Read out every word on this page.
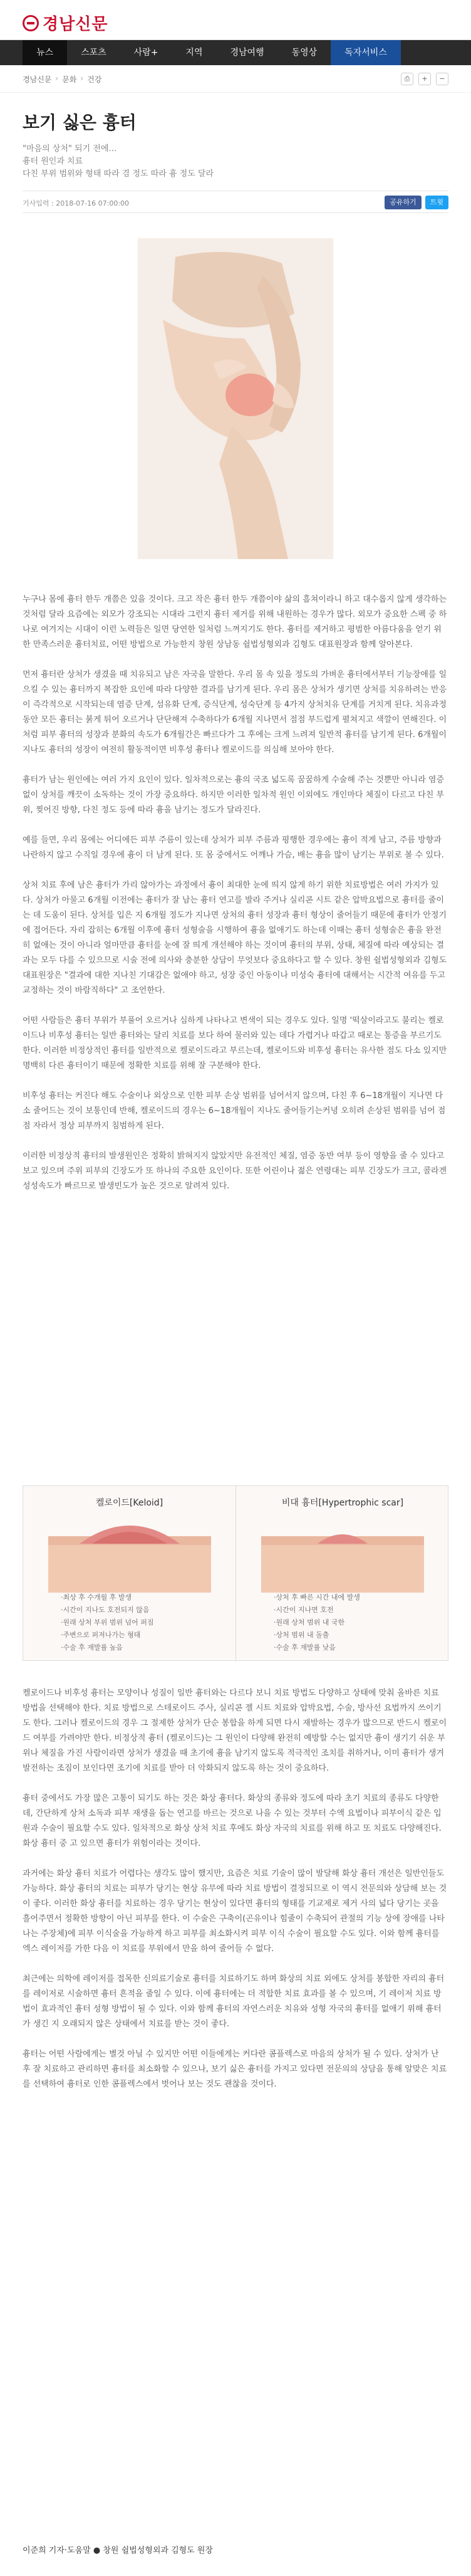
경남신문
뉴스	스포츠	사람+	지역	경남여행	동영상	독자서비스
경남신문 › 문화 › 건강	⎙	+	−
보기 싫은 흉터
"마음의 상처" 되기 전에…
흉터 원인과 치료
다친 부위 범위와 형태 따라 겸 정도 따라 흉 정도 달라
기사입력 : 2018-07-16 07:00:00	공유하기	트윗

누구나 몸에 흉터 한두 개쯤은 있을 것이다. 크고 작은 흉터 한두 개쯤이야 삶의 흠쳐이라니 하고 대수롭지 않게 생각하는 것처럼 달라 요즘에는 외모가 강조되는 시대라 그런지 흉터 제거를 위해 내원하는 경우가 많다. 외모가 중요한 스펙 중 하나로 여겨지는 시대이 이런 노력들은 일면 당연한 일처럼 느껴지기도 한다. 흉터를 제거하고 평범한 아름다움을 얻기 위한 만족스러운 흉터치료, 어떤 방법으로 가능한지 창원 상남동 쉴법성형외과 김형도 대표원장과 함께 알아본다.

먼저 흉터란 상처가 생겼을 때 치유되고 남은 자국을 말한다. 우리 몸 속 있을 정도의 가벼운 흉터에서부터 기능장애를 일으킬 수 있는 흉터까지 복잡한 요인에 따라 다양한 결과를 남기게 된다. 우리 몸은 상처가 생기면 상처를 치유하려는 반응이 즉각적으로 시작되는데 염증 단계, 섬유화 단계, 증식단계, 성숙단계 등 4가지 상처치유 단계를 거치게 된다. 치유과정 동안 모든 흉터는 붉게 튀어 오르거나 단단해져 수축하다가 6개월 지나면서 점점 부드럽게 펼쳐지고 색깔이 연해진다. 이처럼 피부 흉터의 성장과 분화의 속도가 6개월간은 빠르다가 그 후에는 크게 느려져 일반적 흉터를 남기게 된다. 6개월이 지나도 흉터의 성장이 여전히 활동적이면 비후성 흉터나 켈로이드를 의심해 보아야 한다.

흉터가 남는 원인에는 여러 가지 요인이 있다. 일차적으로는 흉의 국조 넓도록 꿈꿈하게 수술해 주는 것뿐만 아니라 염증 없이 상처를 깨끗이 소독하는 것이 가장 중요하다. 하지만 이러한 일차적 원인 이외에도 개인마다 체질이 다르고 다친 부위, 찢어진 방향, 다친 정도 등에 따라 흉을 남기는 정도가 달라진다.

예를 들면, 우리 몸에는 어디에든 피부 주름이 있는데 상처가 피부 주름과 평행한 경우에는 흉이 적게 남고, 주름 방향과 나란하지 않고 수직일 경우에 흉이 더 남게 된다. 또 몸 중에서도 어깨나 가슴, 배는 흉을 많이 남기는 부위로 볼 수 있다.

상처 치료 후에 남은 흉터가 가리 않아가는 과정에서 흉이 최대한 눈에 띄지 않게 하기 위한 치료방법은 여러 가지가 있다. 상처가 아물고 6개월 이전에는 흉터가 잘 남는 흉터 연고를 발라 주거나 실리콘 시트 같은 압박요법으로 흉터를 줄이는 데 도움이 된다. 상처를 입은 지 6개월 정도가 지나면 상처의 흉터 성장과 흉터 형상이 줄어들기 때문에 흉터가 안정기에 접어든다. 자리 잡히는 6개월 이후에 흉터 성형술을 시행하여 흉을 없애기도 하는데 이때는 흉터 성형술은 흉을 완전히 없애는 것이 아니라 얼마만큼 흉터를 눈에 잘 띄게 개선해야 하는 것이며 흉터의 부위, 상태, 체질에 따라 예상되는 결과는 모두 다를 수 있으므로 시술 전에 의사와 충분한 상담이 무엇보다 중요하다고 할 수 있다. 창원 쉴법성형외과 김형도 대표원장은 "결과에 대한 지나친 기대감은 없애야 하고, 성장 중인 아동이나 미성숙 흉터에 대해서는 시간적 여유를 두고 교정하는 것이 바람직하다" 고 조언한다.

어떤 사람들은 흉터 부위가 부풀어 오르거나 심하게 나타나고 변색이 되는 경우도 있다. 일명 '떡살이라고도 불리는 켈로이드나 비후성 흉터는 일반 흉터와는 달리 치료를 보다 하여 물러와 있는 데다 가렵거나 따갑고 때로는 통증을 부르기도 한다. 이러한 비정상적인 흉터를 일반적으로 켈로이드라고 부르는데, 켈로이드와 비후성 흉터는 유사한 점도 다소 있지만 명백히 다른 흉터이기 때문에 정확한 치료를 위해 잘 구분해야 한다.

비후성 흉터는 커진다 해도 수술이나 외상으로 인한 피부 손상 범위를 넘어서지 않으며, 다친 후 6~18개월이 지나면 다소 줄어드는 것이 보통인데 반해, 켈로이드의 경우는 6~18개월이 지나도 줄어들기는커녕 오히려 손상된 범위를 넘어 점점 자라서 정상 피부까지 침범하게 된다.

이러한 비정상적 흉터의 발생원인은 정확히 밝혀지지 않았지만 유전적인 체질, 염증 동반 여부 등이 영향을 줄 수 있다고 보고 있으며 주위 피부의 긴장도가 또 하나의 주요한 요인이다. 또한 어린이나 젊은 연령대는 피부 긴장도가 크고, 콜라겐 성성속도가 빠르므로 발생빈도가 높은 것으로 알려져 있다.

켈로이드[Keloid]
·최상 후 수개월 후 발생
·시간이 지나도 호전되지 않음
·원래 상처 부위 범위 넘어 퍼짐
·주변으로 퍼져나가는 형태
·수술 후 재발률 높음
비대 흉터[Hypertrophic scar]
·상처 후 빠른 시간 내에 발생
·시간이 지나면 호전
·원래 상처 범위 내 국한
·상처 범위 내 돌출
·수술 후 재발률 낮음

켈로이드나 비후성 흉터는 모양이나 성질이 일반 흉터와는 다르다 보니 치료 방법도 다양하고 상태에 맞춰 올바른 치료 방법을 선택해야 한다. 치료 방법으로 스테로이드 주사, 실리콘 젤 시트 치료와 압박요법, 수술, 방사선 요법까지 쓰이기도 한다. 그러나 켈로이드의 경우 그 절제한 상처가 단순 봉합을 하게 되면 다시 재발하는 경우가 많으므로 반드시 켈로이드 여부를 가려야만 한다. 비정상적 흉터 (켈로이드)는 그 원인이 다양해 완전히 예방할 수는 없지만 흉이 생기기 쉬운 부위나 체질을 가진 사람이라면 상처가 생겼을 때 초기에 흉을 남기지 않도록 적극적인 조치를 취하거나, 이미 흉터가 생겨 발전하는 조짐이 보인다면 조기에 치료를 받아 더 악화되지 않도록 하는 것이 중요하다.

흉터 중에서도 가장 많은 고통이 되기도 하는 것은 화상 흉터다. 화상의 종류와 정도에 따라 초기 치료의 종류도 다양한데, 간단하게 상처 소독과 피부 재생을 돕는 연고를 바르는 것으로 나을 수 있는 것부터 수액 요법이나 피부이식 같은 입원과 수술이 필요할 수도 있다. 일차적으로 화상 상처 치료 후에도 화상 자국의 치료를 위해 하고 또 치료도 다양해진다. 화상 흉터 중 고 있으면 흉터가 위험이라는 것이다.

과거에는 화상 흉터 치료가 어렵다는 생각도 많이 했지만, 요즘은 치료 기술이 많이 발달해 화상 흉터 개선은 일반인들도 가능하다. 화상 흉터의 치료는 피부가 당기는 현상 유무에 따라 치료 방법이 결정되므로 이 역시 전문의와 상담해 보는 것이 좋다. 이러한 화상 흉터를 치료하는 경우 당기는 현상이 있다면 흉터의 형태를 기교제로 제거 사의 넓다 당기는 곳을 흘어주면서 정확한 방향이 아닌 피부를 한다. 이 수술은 구축이(곤유이나 힘줄이 수축되어 관절의 기능 상에 장애를 나타나는 주장체)에 피부 이식술을 가능하게 하고 피부를 최소화시켜 피부 이식 수술이 필요할 수도 있다. 이와 함께 흉터를 엑스 레이저를 가한 다음 이 치료를 부위에서 만을 하여 줄어들 수 없다.

최근에는 의학에 레이저를 접목한 신의료기술로 흉터를 치료하기도 하며 화상의 치료 외에도 상처를 봉합한 자리의 흉터를 레이저로 시술하면 흉터 흔적을 줄일 수 있다. 이에 흉터에는 더 적합한 치료 효과를 볼 수 있으며, 기 레이저 치료 방법이 효과적인 흉터 성형 방법이 될 수 있다. 이와 함께 흉터의 자연스러운 치유와 성형 자국의 흉터를 없애기 위해 흉터가 생긴 지 오래되지 않은 상태에서 치료를 받는 것이 좋다.

흉터는 어떤 사람에게는 별것 아닐 수 있지만 어떤 이들에게는 커다란 콤플렉스로 마음의 상처가 될 수 있다. 상처가 난 후 잘 치료하고 관리하면 흉터를 최소화할 수 있으나, 보기 싫은 흉터를 가지고 있다면 전문의의 상담을 통해 알맞은 치료를 선택하여 흉터로 인한 콤플렉스에서 벗어나 보는 것도 괜찮을 것이다.

이준희 기자·도움말 ● 창원 쉴법성형외과 김형도 원장
